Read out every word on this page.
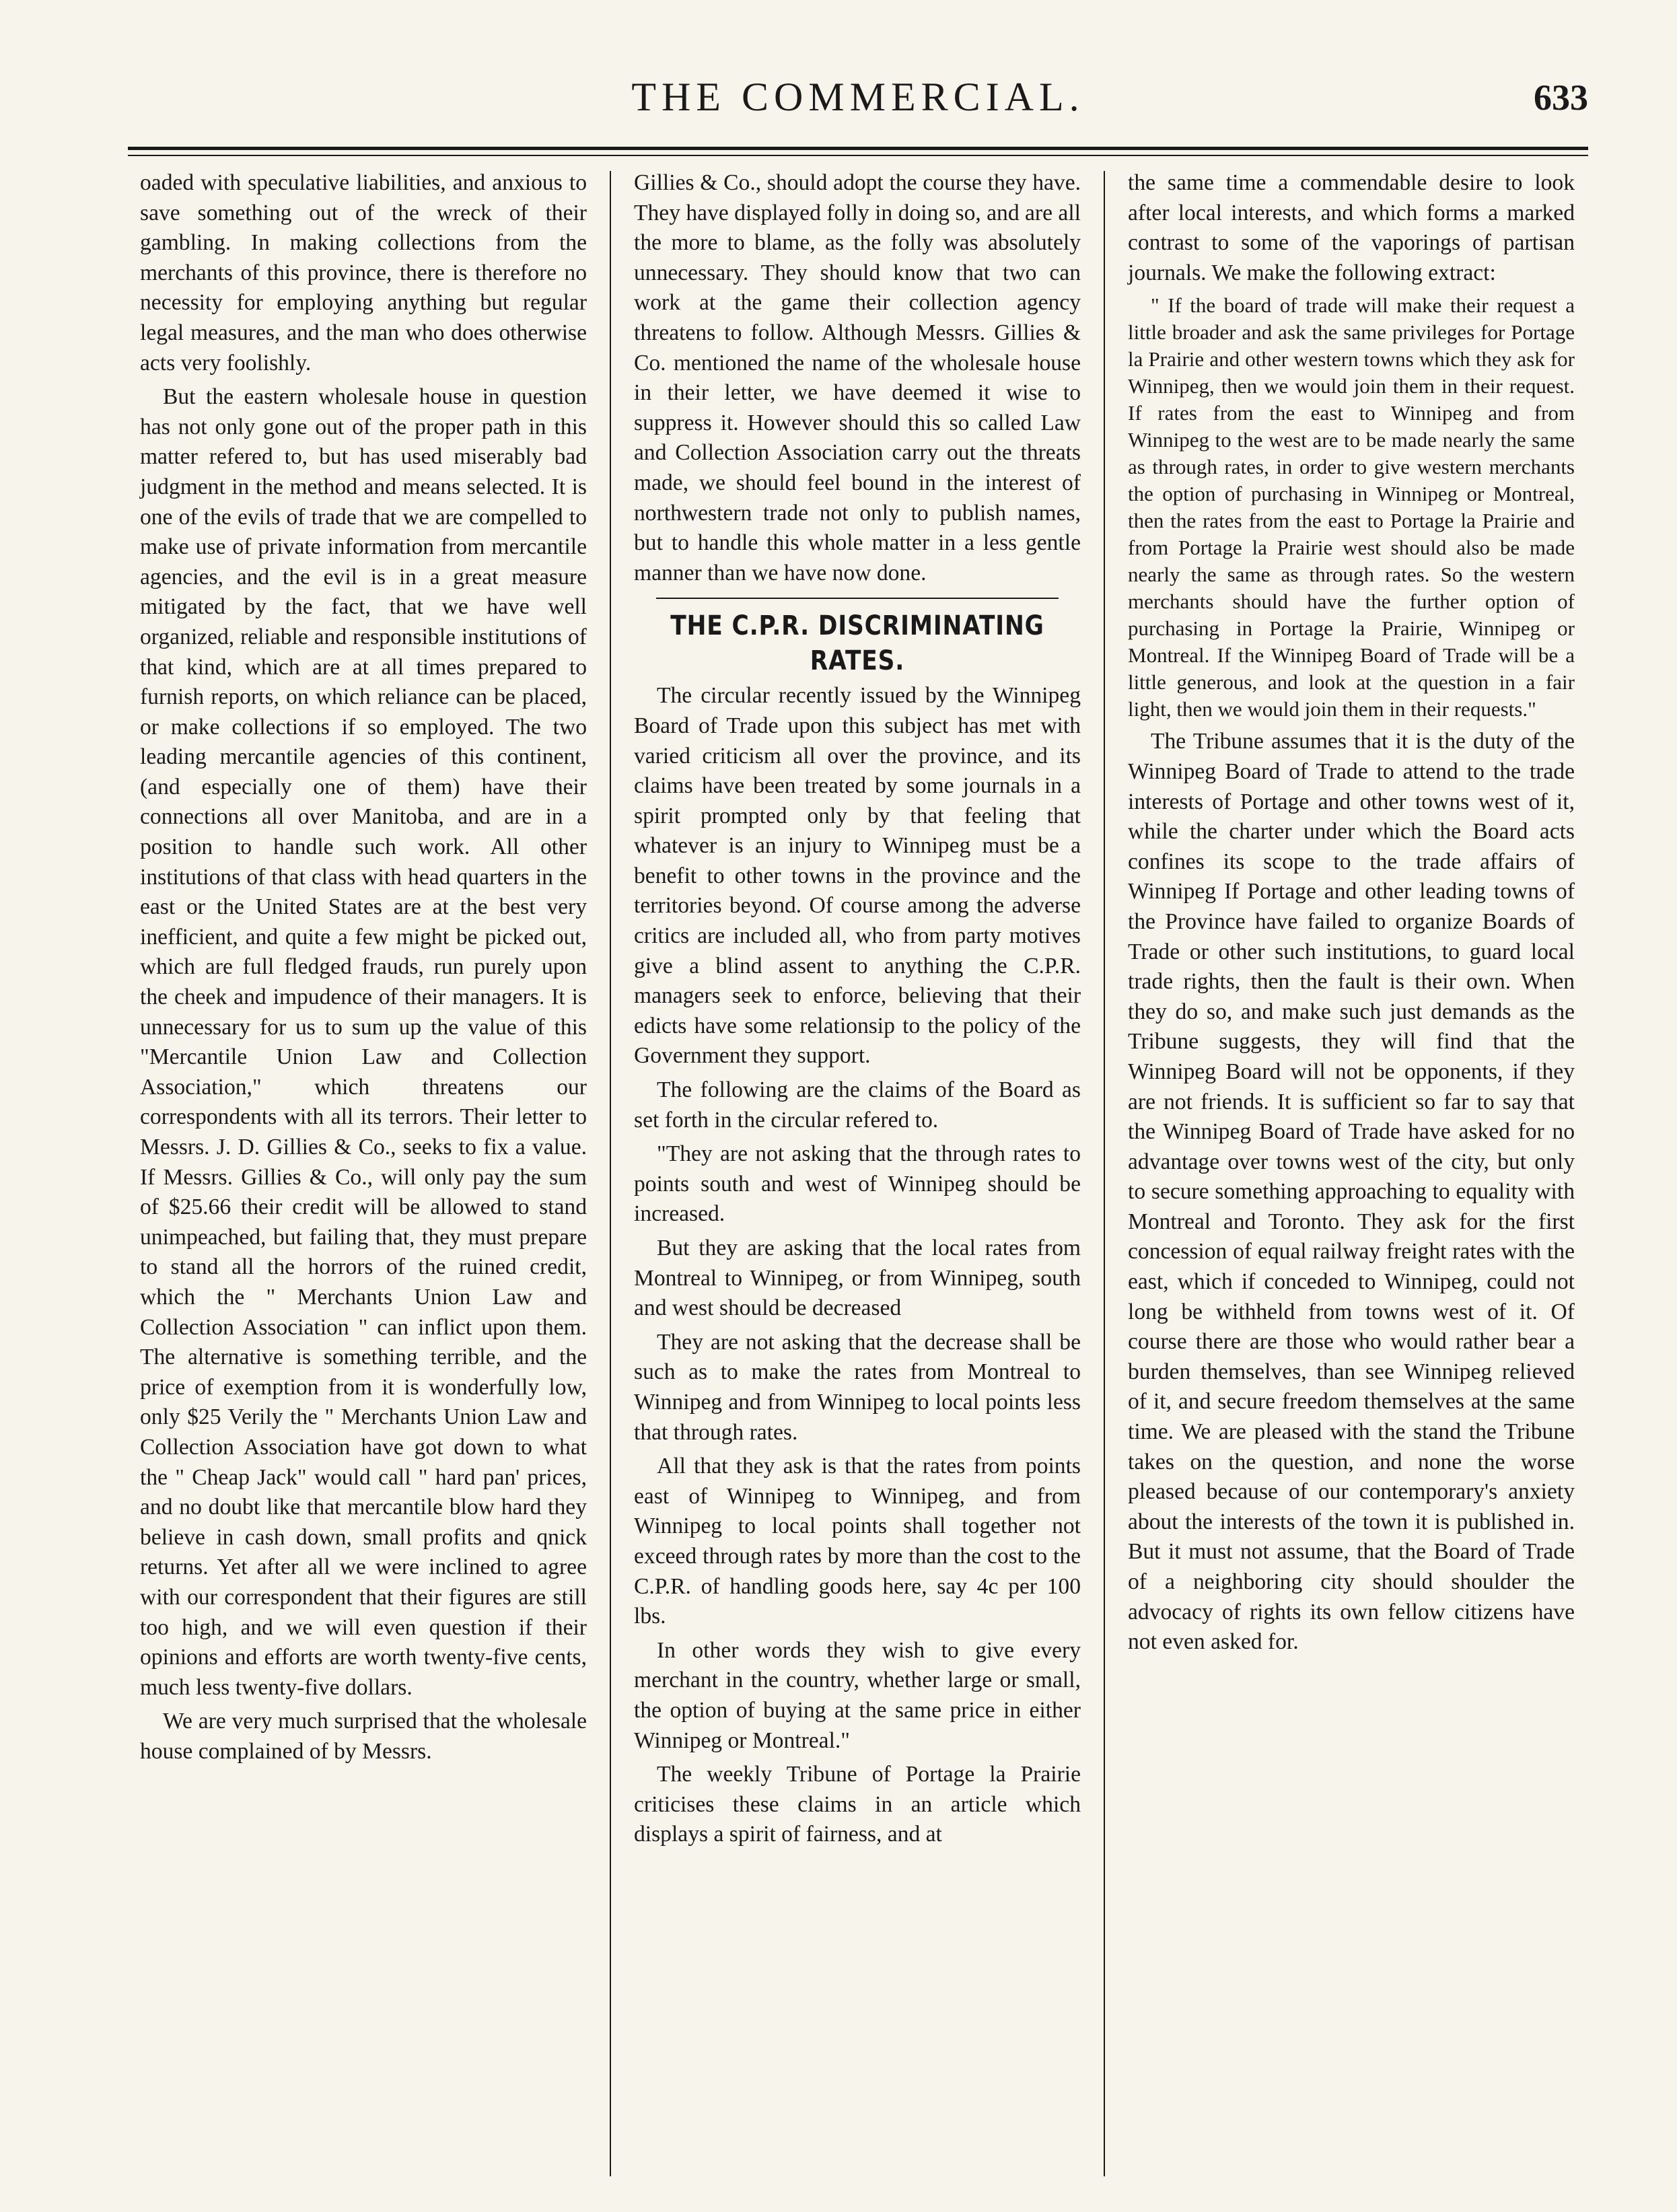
THE COMMERCIAL.	633

oaded with speculative liabilities, and anxious to save something out of the wreck of their gambling. In making collections from the merchants of this province, there is therefore no necessity for employing anything but regular legal measures, and the man who does otherwise acts very foolishly.

But the eastern wholesale house in question has not only gone out of the proper path in this matter refered to, but has used miserably bad judgment in the method and means selected. It is one of the evils of trade that we are compelled to make use of private information from mercantile agencies, and the evil is in a great measure mitigated by the fact, that we have well organized, reliable and responsible institutions of that kind, which are at all times prepared to furnish reports, on which reliance can be placed, or make collections if so employed. The two leading mercantile agencies of this continent, (and especially one of them) have their connections all over Manitoba, and are in a position to handle such work. All other institutions of that class with head quarters in the east or the United States are at the best very inefficient, and quite a few might be picked out, which are full fledged frauds, run purely upon the cheek and impudence of their managers. It is unnecessary for us to sum up the value of this "Mercantile Union Law and Collection Association," which threatens our correspondents with all its terrors. Their letter to Messrs. J. D. Gillies & Co., seeks to fix a value. If Messrs. Gillies & Co., will only pay the sum of $25.66 their credit will be allowed to stand unimpeached, but failing that, they must prepare to stand all the horrors of the ruined credit, which the " Merchants Union Law and Collection Association " can inflict upon them. The alternative is something terrible, and the price of exemption from it is wonderfully low, only $25 Verily the " Merchants Union Law and Collection Association have got down to what the " Cheap Jack" would call " hard pan' prices, and no doubt like that mercantile blow hard they believe in cash down, small profits and qnick returns. Yet after all we were inclined to agree with our correspondent that their figures are still too high, and we will even question if their opinions and efforts are worth twenty-five cents, much less twenty-five dollars.

We are very much surprised that the wholesale house complained of by Messrs.

Gillies & Co., should adopt the course they have. They have displayed folly in doing so, and are all the more to blame, as the folly was absolutely unnecessary. They should know that two can work at the game their collection agency threatens to follow. Although Messrs. Gillies & Co. mentioned the name of the wholesale house in their letter, we have deemed it wise to suppress it. However should this so called Law and Collection Association carry out the threats made, we should feel bound in the interest of northwestern trade not only to publish names, but to handle this whole matter in a less gentle manner than we have now done.

THE C.P.R. DISCRIMINATING RATES.

The circular recently issued by the Winnipeg Board of Trade upon this subject has met with varied criticism all over the province, and its claims have been treated by some journals in a spirit prompted only by that feeling that whatever is an injury to Winnipeg must be a benefit to other towns in the province and the territories beyond. Of course among the adverse critics are included all, who from party motives give a blind assent to anything the C.P.R. managers seek to enforce, believing that their edicts have some relationsip to the policy of the Government they support.

The following are the claims of the Board as set forth in the circular refered to.

"They are not asking that the through rates to points south and west of Winnipeg should be increased.

But they are asking that the local rates from Montreal to Winnipeg, or from Winnipeg, south and west should be decreased

They are not asking that the decrease shall be such as to make the rates from Montreal to Winnipeg and from Winnipeg to local points less that through rates.

All that they ask is that the rates from points east of Winnipeg to Winnipeg, and from Winnipeg to local points shall together not exceed through rates by more than the cost to the C.P.R. of handling goods here, say 4c per 100 lbs.

In other words they wish to give every merchant in the country, whether large or small, the option of buying at the same price in either Winnipeg or Montreal."

The weekly Tribune of Portage la Prairie criticises these claims in an article which displays a spirit of fairness, and at

the same time a commendable desire to look after local interests, and which forms a marked contrast to some of the vaporings of partisan journals. We make the following extract:

" If the board of trade will make their request a little broader and ask the same privileges for Portage la Prairie and other western towns which they ask for Winnipeg, then we would join them in their request. If rates from the east to Winnipeg and from Winnipeg to the west are to be made nearly the same as through rates, in order to give western merchants the option of purchasing in Winnipeg or Montreal, then the rates from the east to Portage la Prairie and from Portage la Prairie west should also be made nearly the same as through rates. So the western merchants should have the further option of purchasing in Portage la Prairie, Winnipeg or Montreal. If the Winnipeg Board of Trade will be a little generous, and look at the question in a fair light, then we would join them in their requests."

The Tribune assumes that it is the duty of the Winnipeg Board of Trade to attend to the trade interests of Portage and other towns west of it, while the charter under which the Board acts confines its scope to the trade affairs of Winnipeg If Portage and other leading towns of the Province have failed to organize Boards of Trade or other such institutions, to guard local trade rights, then the fault is their own. When they do so, and make such just demands as the Tribune suggests, they will find that the Winnipeg Board will not be opponents, if they are not friends. It is sufficient so far to say that the Winnipeg Board of Trade have asked for no advantage over towns west of the city, but only to secure something approaching to equality with Montreal and Toronto. They ask for the first concession of equal railway freight rates with the east, which if conceded to Winnipeg, could not long be withheld from towns west of it. Of course there are those who would rather bear a burden themselves, than see Winnipeg relieved of it, and secure freedom themselves at the same time. We are pleased with the stand the Tribune takes on the question, and none the worse pleased because of our contemporary's anxiety about the interests of the town it is published in. But it must not assume, that the Board of Trade of a neighboring city should shoulder the advocacy of rights its own fellow citizens have not even asked for.
